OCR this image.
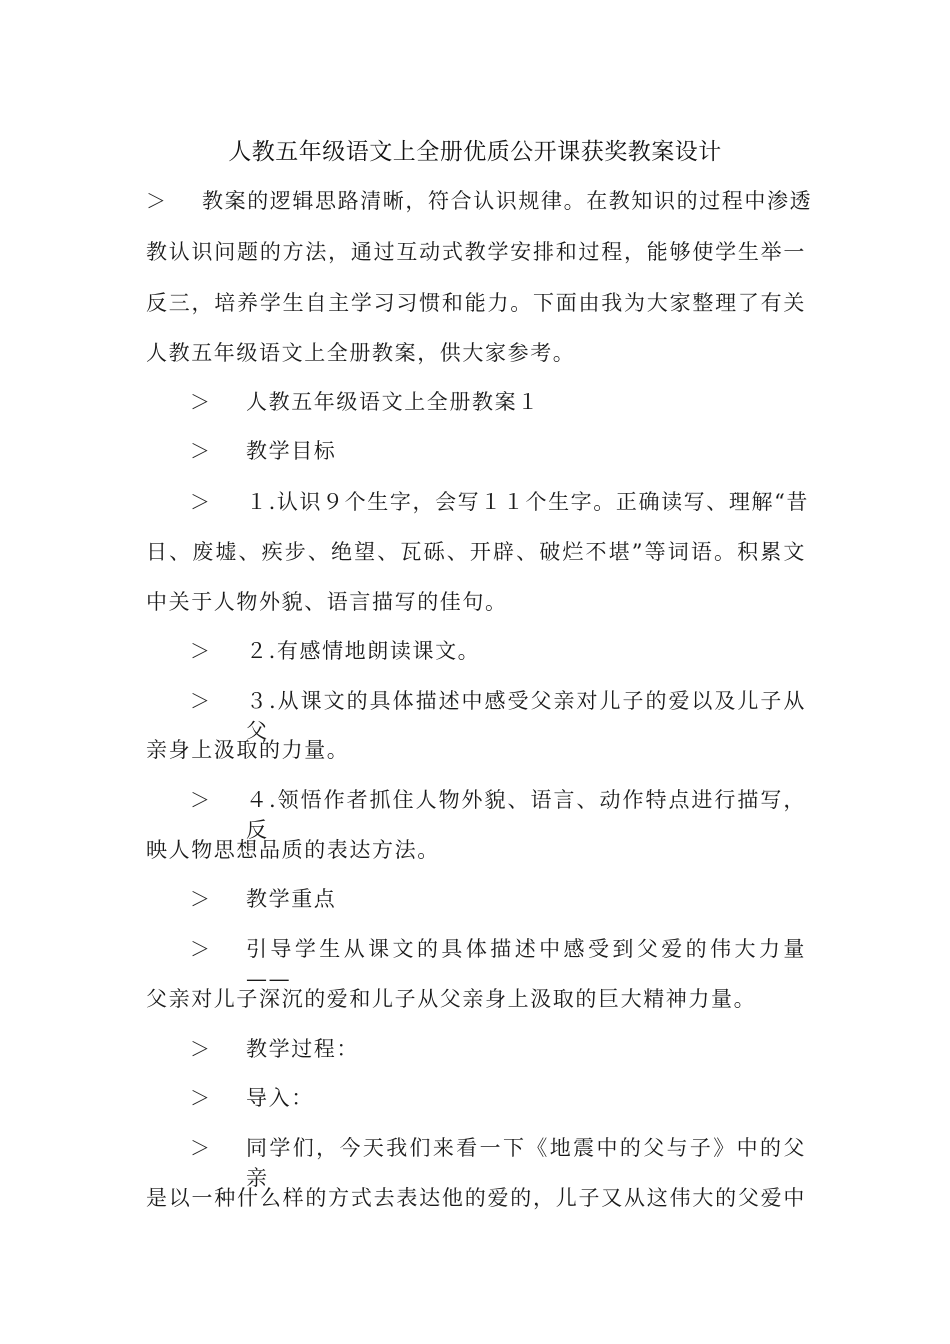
人教五年级语文上全册优质公开课获奖教案设计
＞ 教案的逻辑思路清晰，符合认识规律。在教知识的过程中渗透
教认识问题的方法，通过互动式教学安排和过程，能够使学生举一
反三，培养学生自主学习习惯和能力。下面由我为大家整理了有关
人教五年级语文上全册教案，供大家参考。
＞ 人教五年级语文上全册教案１
＞ 教学目标
＞ １.认识９个生字，会写１１个生字。正确读写、理解“昔
日、废墟、疾步、绝望、瓦砾、开辟、破烂不堪”等词语。积累文
中关于人物外貌、语言描写的佳句。
＞ ２.有感情地朗读课文。
＞ ３.从课文的具体描述中感受父亲对儿子的爱以及儿子从父
亲身上汲取的力量。
＞ ４.领悟作者抓住人物外貌、语言、动作特点进行描写，反
映人物思想品质的表达方法。
＞ 教学重点
＞ 引导学生从课文的具体描述中感受到父爱的伟大力量——
父亲对儿子深沉的爱和儿子从父亲身上汲取的巨大精神力量。
＞ 教学过程：
＞ 导入：
＞ 同学们，今天我们来看一下《地震中的父与子》中的父亲
是以一种什么样的方式去表达他的爱的，儿子又从这伟大的父爱中
